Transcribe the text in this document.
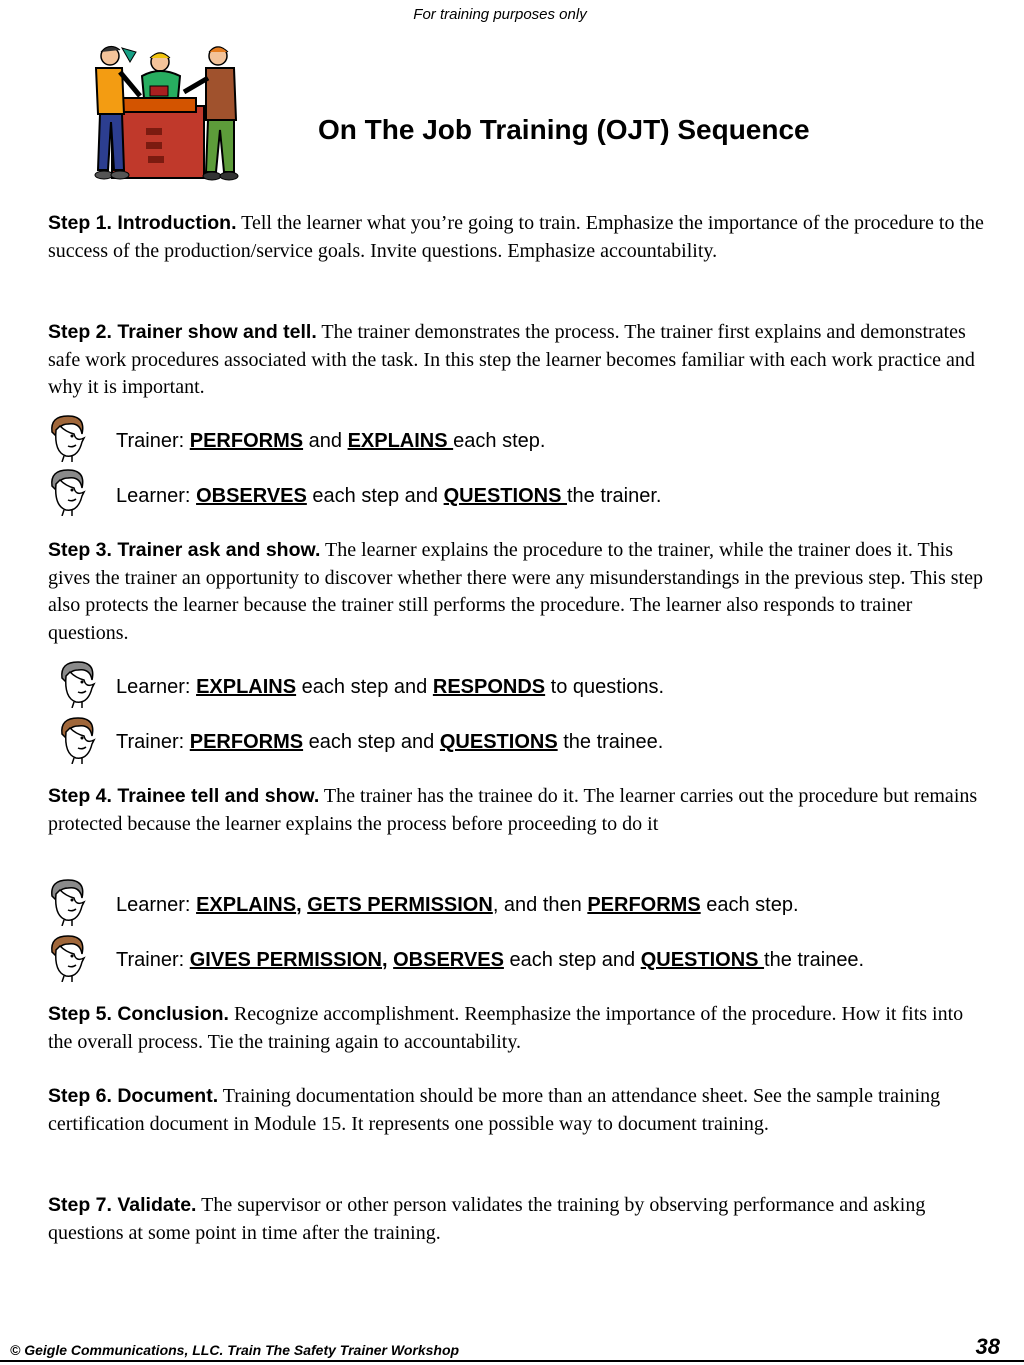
For training purposes only
On The Job Training (OJT) Sequence
Step 1. Introduction. Tell the learner what you’re going to train. Emphasize the importance of the procedure to the success of the production/service goals. Invite questions. Emphasize accountability.
Step 2. Trainer show and tell. The trainer demonstrates the process. The trainer first explains and demonstrates safe work procedures associated with the task. In this step the learner becomes familiar with each work practice and why it is important.
Trainer: PERFORMS and EXPLAINS each step.
Learner: OBSERVES each step and QUESTIONS the trainer.
Step 3. Trainer ask and show. The learner explains the procedure to the trainer, while the trainer does it. This gives the trainer an opportunity to discover whether there were any misunderstandings in the previous step. This step also protects the learner because the trainer still performs the procedure. The learner also responds to trainer questions.
Learner: EXPLAINS each step and RESPONDS to questions.
Trainer: PERFORMS each step and QUESTIONS the trainee.
Step 4. Trainee tell and show. The trainer has the trainee do it. The learner carries out the procedure but remains protected because the learner explains the process before proceeding to do it
Learner: EXPLAINS, GETS PERMISSION, and then PERFORMS each step.
Trainer: GIVES PERMISSION, OBSERVES each step and QUESTIONS the trainee.
Step 5. Conclusion. Recognize accomplishment. Reemphasize the importance of the procedure. How it fits into the overall process. Tie the training again to accountability.
Step 6. Document. Training documentation should be more than an attendance sheet. See the sample training certification document in Module 15. It represents one possible way to document training.
Step 7. Validate. The supervisor or other person validates the training by observing performance and asking questions at some point in time after the training.
© Geigle Communications, LLC. Train The Safety Trainer Workshop	38
